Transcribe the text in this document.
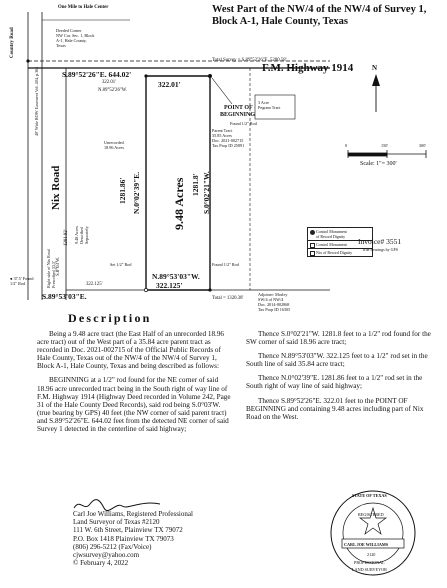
West Part of the NW/4 of the NW/4 of Survey 1, Block A-1, Hale County, Texas
One Mile to Hale Center
Deeded Corner
NW Cor. Sec. 1, Block
A-1, Hale County,
Texas
Total Survey = S.89°52'26"E. 5280.58'
F.M. Highway 1914
S.89°52'26"E. 644.02'
322.01'	322.01'
N.89°52'26"W.
POINT OF
BEGINNING
Found 1/2" Rod
3 Acre
Pegram Tract
Unrecorded
18.96 Acres
Parent Tract
35.85 Acres
Doc. 2021-002715
Tax Prop ID 25891
Country Road
40' Wide ROW Easement Vol. 404, p.361
Nix Road
Right side of Nix Road
Prescribed 33.5' S.0°03'W.
1281.92' 9.48 Acres
Described
Separately
1281.86' N.0°02'39"E.	9.48 Acres 1281.8' S.0°02'21"W.
N.89°53'03"W.
322.125'
322.125'
S.89°53'03"E.	Total = 1320.38'
● 37.5' Found
1/2" Rod
Set 1/2" Rod	Found 1/2" Rod
Adjoiner: Morley
SW/4 of NW/4
Doc. 2014-002868
Tax Prop ID 16305
N
0	150'	300'
Scale: 1"= 300'
Control Monument
of Record Dignity
Control Monument
Nix of Record Dignity
Invoice# 3551
True Bearings by GPS
Description

Being a 9.48 acre tract (the East Half of an unrecorded 18.96 acre tract) out of the West part of a 35.84 acre parent tract as recorded in Doc. 2021-002715 of the Official Public Records of Hale County, Texas out of the NW/4 of the NW/4 of Survey 1, Block A-1, Hale County, Texas and being described as follows:

BEGINNING at a 1/2" rod found for the NE corner of said 18.96 acre unrecorded tract being in the South right of way line of F.M. Highway 1914 (Highway Deed recorded in Volume 242, Page 31 of the Hale County Deed Records), said rod being S.0°03'W. (true bearing by GPS) 40 feet (the NW corner of said parent tract) and S.89°52'26"E. 644.02 feet from the detected NE corner of said Survey 1 detected in the centerline of said highway;

Thence S.0°02'21"W. 1281.8 feet to a 1/2" rod found for the SW corner of said 18.96 acre tract;

Thence N.89°53'03"W. 322.125 feet to a 1/2" rod set in the South line of said 35.84 acre tract;

Thence N.0°02'39"E. 1281.86 feet to a 1/2" rod set in the South right of way line of said highway;

Thence S.89°52'26"E. 322.01 feet to the POINT OF BEGINNING and containing 9.48 acres including part of Nix Road on the West.

Carl Joe Williams, Registered Professional
Land Surveyor of Texas #2120
111 W. 6th Street, Plainview TX 79072
P.O. Box 1418 Plainview TX 79073
(806) 296-5212 (Fax/Voice)
cjwsurvey@yahoo.com
© February 4, 2022
STATE OF TEXAS
REGISTERED
CARL JOE WILLIAMS
2120
PROFESSIONAL
LAND SURVEYOR
